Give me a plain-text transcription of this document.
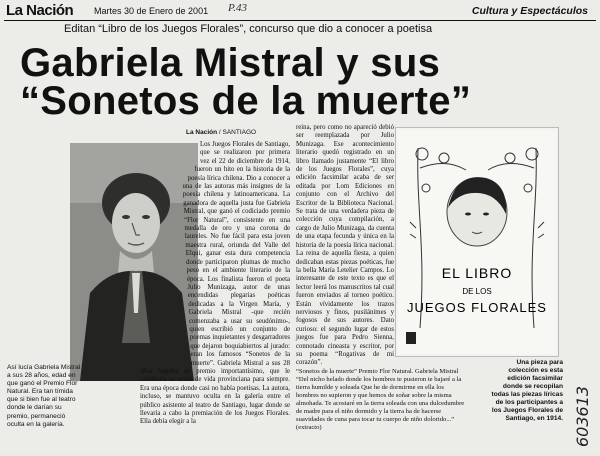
La Nación Martes 30 de Enero de 2001 P.43	Cultura y Espectáculos
Editan “Libro de los Juegos Florales”, concurso que dio a conocer a poetisa
Gabriela Mistral y sus
“Sonetos de la muerte”
Así lucía Gabriela Mistral a sus 28 años, edad en que ganó el Premio Flor Natural. Era tan tímida que si bien fue al teatro donde le darían su premio, permaneció oculta en la galería.
La Nación / SANTIAGO
Los Juegos Florales de Santiago, que se realizaron por primera vez el 22 de diciembre de 1914, fueron un hito en la historia de la poesía lírica chilena. Dio a conocer a una de las autoras más insignes de la poesía chilena y latinoamericana. La ganadora de aquella justa fue Gabriela Mistral, que ganó el codiciado premio “Flor Natural”, consistente en una medalla de oro y una corona de laureles. No fue fácil para esta joven maestra rural, oriunda del Valle del Elqui, ganar esta dura competencia donde participaron plumas de mucho peso en el ambiente literario de la época. Los finalista fueron el poeta Julio Munizaga, autor de unas encendidas plegarias poéticas dedicadas a la Virgen María, y Gabriela Mistral -que recién comenzaba a usar su seudónimo-, quien escribió un conjunto de poemas inquietantes y desgarradores que dejaron boquiabiertos al jurado: eran los famosos “Sonetos de la muerte”. Gabriela Mistral a sus 28 años lograba un premio importantísimo, que le cambiaría su estilo de vida provinciana para siempre. Era una época donde casi no había poetisas. La autora, incluso, se mantuvo oculta en la galería entre el público asistente al teatro de Santiago, lugar donde se llevaría a cabo la premiación de los Juegos Florales. Ella debía elegir a la
reina, pero como no apareció debió ser reemplazada por Julio Munizaga. Ese acontecimiento literario quedó registrado en un libro llamado justamente “El libro de los Juegos Florales”, cuya edición facsimilar acaba de ser editada por Lom Ediciones en conjunto con el Archivo del Escritor de la Biblioteca Nacional. Se trata de una verdadera pieza de colección cuya compilación, a cargo de Julio Munizaga, da cuenta de una etapa fecunda y única en la historia de la poesía lírica nacional. La reina de aquella fiesta, a quien dedicaban estas piezas poéticas, fue la bella María Letelier Campos. Lo interesante de este texto es que el lector leerá los manuscritos tal cual fueron enviados al torneo poético. Están vívidamente los trazos nerviosos y finos, pusilánimes y fogosos de sus autores. Dato curioso: el segundo lugar de estos juegos fue para Pedro Sienna, connotado cineasta y escritor, por su poema “Rogativas de mi corazón”.
“Sonetos de la muerte” Premio Flor Natural. Gabriela Mistral
“Del nicho helado donde los hombres te pusieron te bajaré a la tierra humilde y soleada Que he de dormirme en ella los hombres no supieron y que hemos de soñar sobre la misma almohada. Te acostaré en la tierra soleada con una dulcedumbre de madre para el niño dormido y la tierra ha de hacerse suavidades de cuna para tocar tu cuerpo de niño dolorido...” (extracto)
EL LIBRO
DE LOS
JUEGOS FLORALES
Una pieza para colección es esta edición facsimilar donde se recopilan todas las piezas líricas de los participantes a los Juegos Florales de Santiago, en 1914. 603613
